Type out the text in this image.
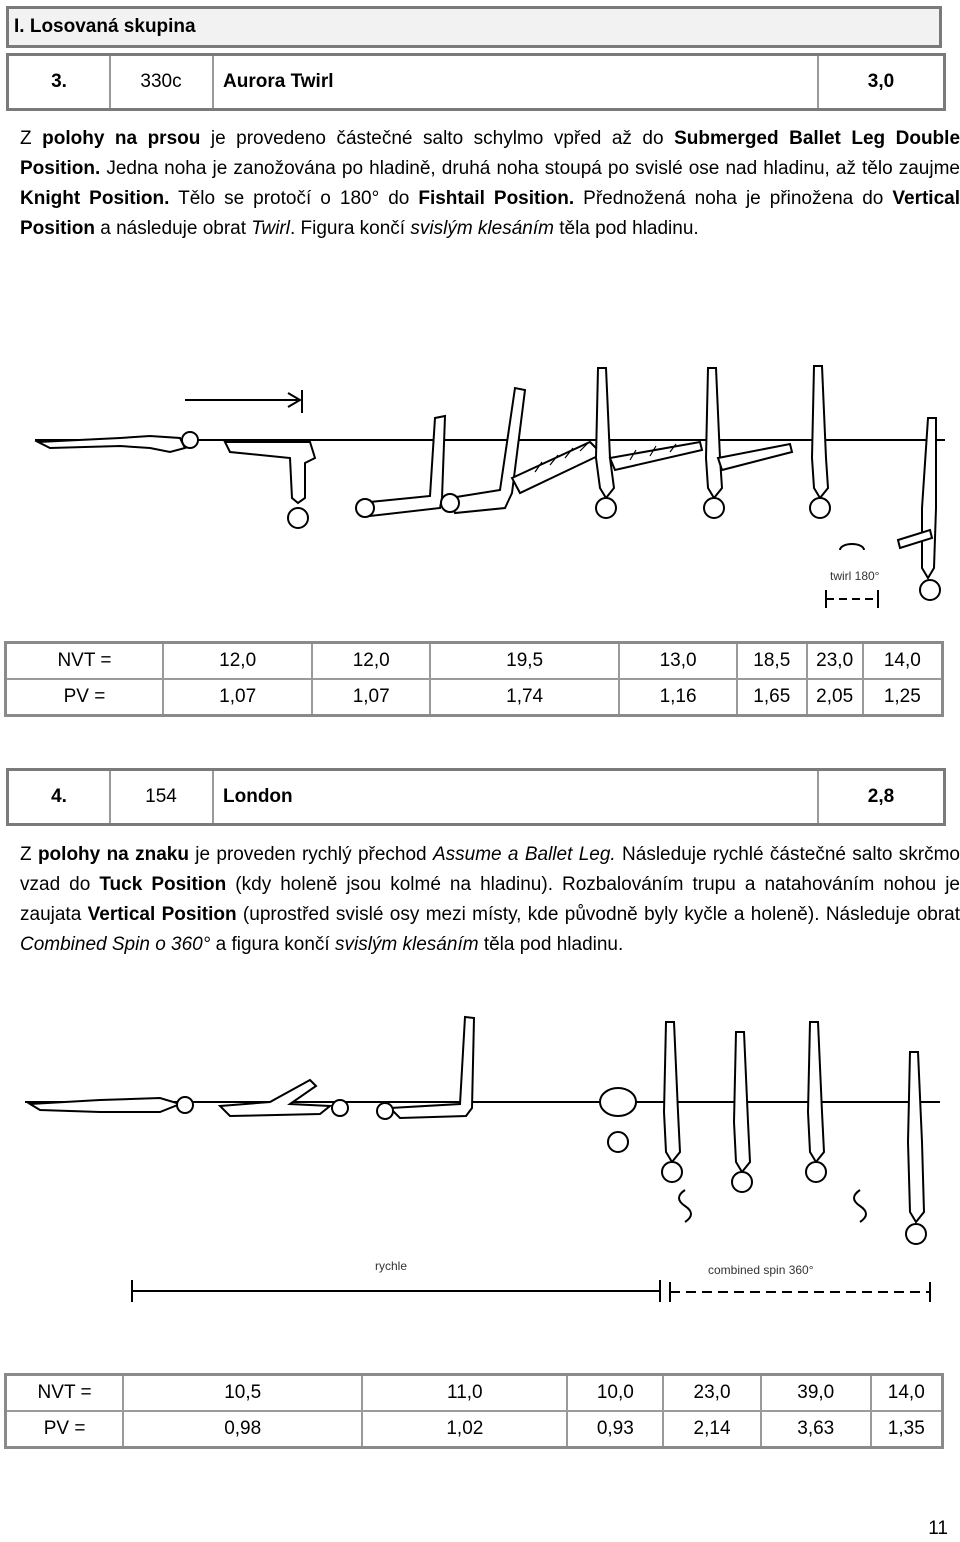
I. Losovaná skupina
3.	330c	Aurora Twirl	3,0
Z polohy na prsou je provedeno částečné salto schylmo vpřed až do Submerged Ballet Leg Double Position. Jedna noha je zanožována po hladině, druhá noha stoupá po svislé ose nad hladinu, až tělo zaujme Knight Position. Tělo se protočí o 180° do Fishtail Position. Přednožená noha je přinožena do Vertical Position a následuje obrat Twirl. Figura končí svislým klesáním těla pod hladinu.
twirl 180°
NVT =	12,0	12,0	19,5	13,0	18,5	23,0	14,0
PV =	1,07	1,07	1,74	1,16	1,65	2,05	1,25
4.	154	London	2,8
Z polohy na znaku je proveden rychlý přechod Assume a Ballet Leg. Následuje rychlé částečné salto skrčmo vzad do Tuck Position (kdy holeně jsou kolmé na hladinu). Rozbalováním trupu a natahováním nohou je zaujata Vertical Position (uprostřed svislé osy mezi místy, kde původně byly kyčle a holeně). Následuje obrat Combined Spin o 360° a figura končí svislým klesáním těla pod hladinu.
rychle	combined spin 360°
NVT =	10,5	11,0	10,0	23,0	39,0	14,0
PV =	0,98	1,02	0,93	2,14	3,63	1,35
11
